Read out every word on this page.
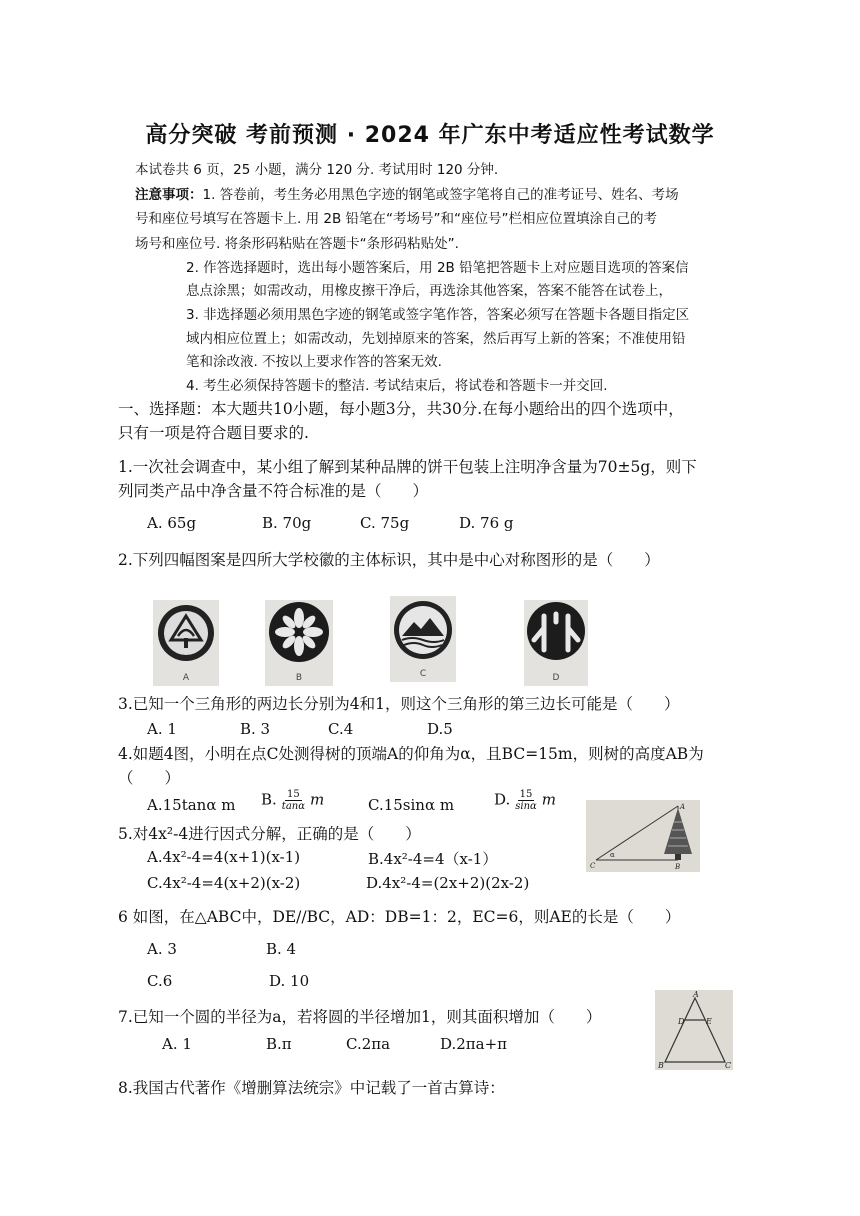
高分突破 考前预测 · 2024 年广东中考适应性考试数学
本试卷共 6 页，25 小题，满分 120 分. 考试用时 120 分钟.
注意事项：1. 答卷前，考生务必用黑色字迹的钢笔或签字笔将自己的准考证号、姓名、考场
号和座位号填写在答题卡上. 用 2B 铅笔在“考场号”和“座位号”栏相应位置填涂自己的考
场号和座位号. 将条形码粘贴在答题卡“条形码粘贴处”.
2. 作答选择题时，选出每小题答案后，用 2B 铅笔把答题卡上对应题目选项的答案信
息点涂黑；如需改动，用橡皮擦干净后，再选涂其他答案，答案不能答在试卷上，
3. 非选择题必须用黑色字迹的钢笔或签字笔作答，答案必须写在答题卡各题目指定区
域内相应位置上；如需改动，先划掉原来的答案，然后再写上新的答案；不准使用铅
笔和涂改液. 不按以上要求作答的答案无效.
4. 考生必须保持答题卡的整洁. 考试结束后，将试卷和答题卡一并交回.
一、选择题：本大题共10小题，每小题3分，共30分.在每小题给出的四个选项中，
只有一项是符合题目要求的.
1.一次社会调查中，某小组了解到某种品牌的饼干包装上注明净含量为70±5g，则下
列同类产品中净含量不符合标准的是（　　）
A. 65g	B. 70g	C. 75g	D. 76 g
2.下列四幅图案是四所大学校徽的主体标识，其中是中心对称图形的是（　　）
A	B	C	D
3.已知一个三角形的两边长分别为4和1，则这个三角形的第三边长可能是（　　）
A. 1	B. 3	C.4	D.5
4.如题4图，小明在点C处测得树的顶端A的仰角为α，且BC=15m，则树的高度AB为
（　　）
A.15tanα m B. $\frac{15}{\tan\alpha}$ m	C.15sinα m	D. $\frac{15}{\sin\alpha}$ m	A
α
C	B
5.对4x²-4进行因式分解，正确的是（　　）
A.4x²-4=4(x+1)(x-1)	B.4x²-4=4（x-1）
C.4x²-4=4(x+2)(x-2)	D.4x²-4=(2x+2)(2x-2)
6 如图，在△ABC中，DE//BC，AD：DB=1：2，EC=6，则AE的长是（　　）
A. 3	B. 4
C.6	D. 10
A
D	E
B	C
7.已知一个圆的半径为a，若将圆的半径增加1，则其面积增加（　　）
A. 1	B.π	C.2πa	D.2πa+π
8.我国古代著作《增删算法统宗》中记载了一首古算诗：
